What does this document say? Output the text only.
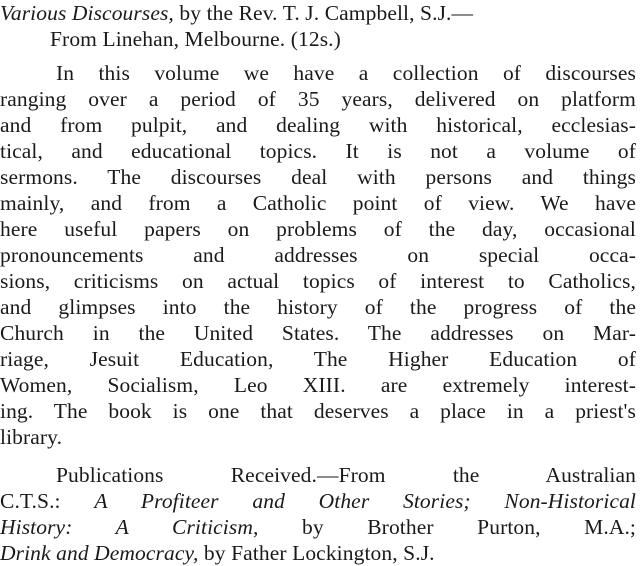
Various Discourses, by the Rev. T. J. Campbell, S.J.—
From Linehan, Melbourne. (12s.)
In this volume we have a collection of discourses
ranging over a period of 35 years, delivered on platform
and from pulpit, and dealing with historical, ecclesias-
tical, and educational topics. It is not a volume of
sermons. The discourses deal with persons and things
mainly, and from a Catholic point of view. We have
here useful papers on problems of the day, occasional
pronouncements and addresses on special occa-
sions, criticisms on actual topics of interest to Catholics,
and glimpses into the history of the progress of the
Church in the United States. The addresses on Mar-
riage, Jesuit Education, The Higher Education of
Women, Socialism, Leo XIII. are extremely interest-
ing. The book is one that deserves a place in a priest's
library.
Publications Received.—From the Australian
C.T.S.: A Profiteer and Other Stories; Non-Historical
History: A Criticism, by Brother Purton, M.A.;
Drink and Democracy, by Father Lockington, S.J.
